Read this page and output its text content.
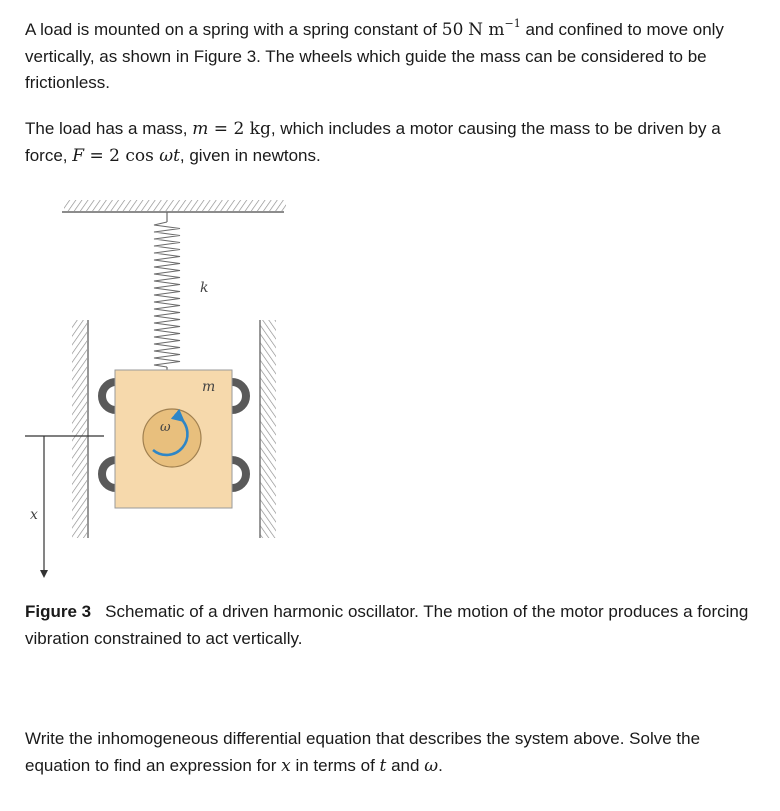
A load is mounted on a spring with a spring constant of 50 N $m^{-1}$ and confined to move only vertically, as shown in Figure 3. The wheels which guide the mass can be considered to be frictionless.

The load has a mass, m = 2 kg, which includes a motor causing the mass to be driven by a force, F = 2 cos ωt, given in newtons.

k
m
ω
x

Figure 3 Schematic of a driven harmonic oscillator. The motion of the motor produces a forcing vibration constrained to act vertically.

Write the inhomogeneous differential equation that describes the system above. Solve the equation to find an expression for x in terms of t and ω.
